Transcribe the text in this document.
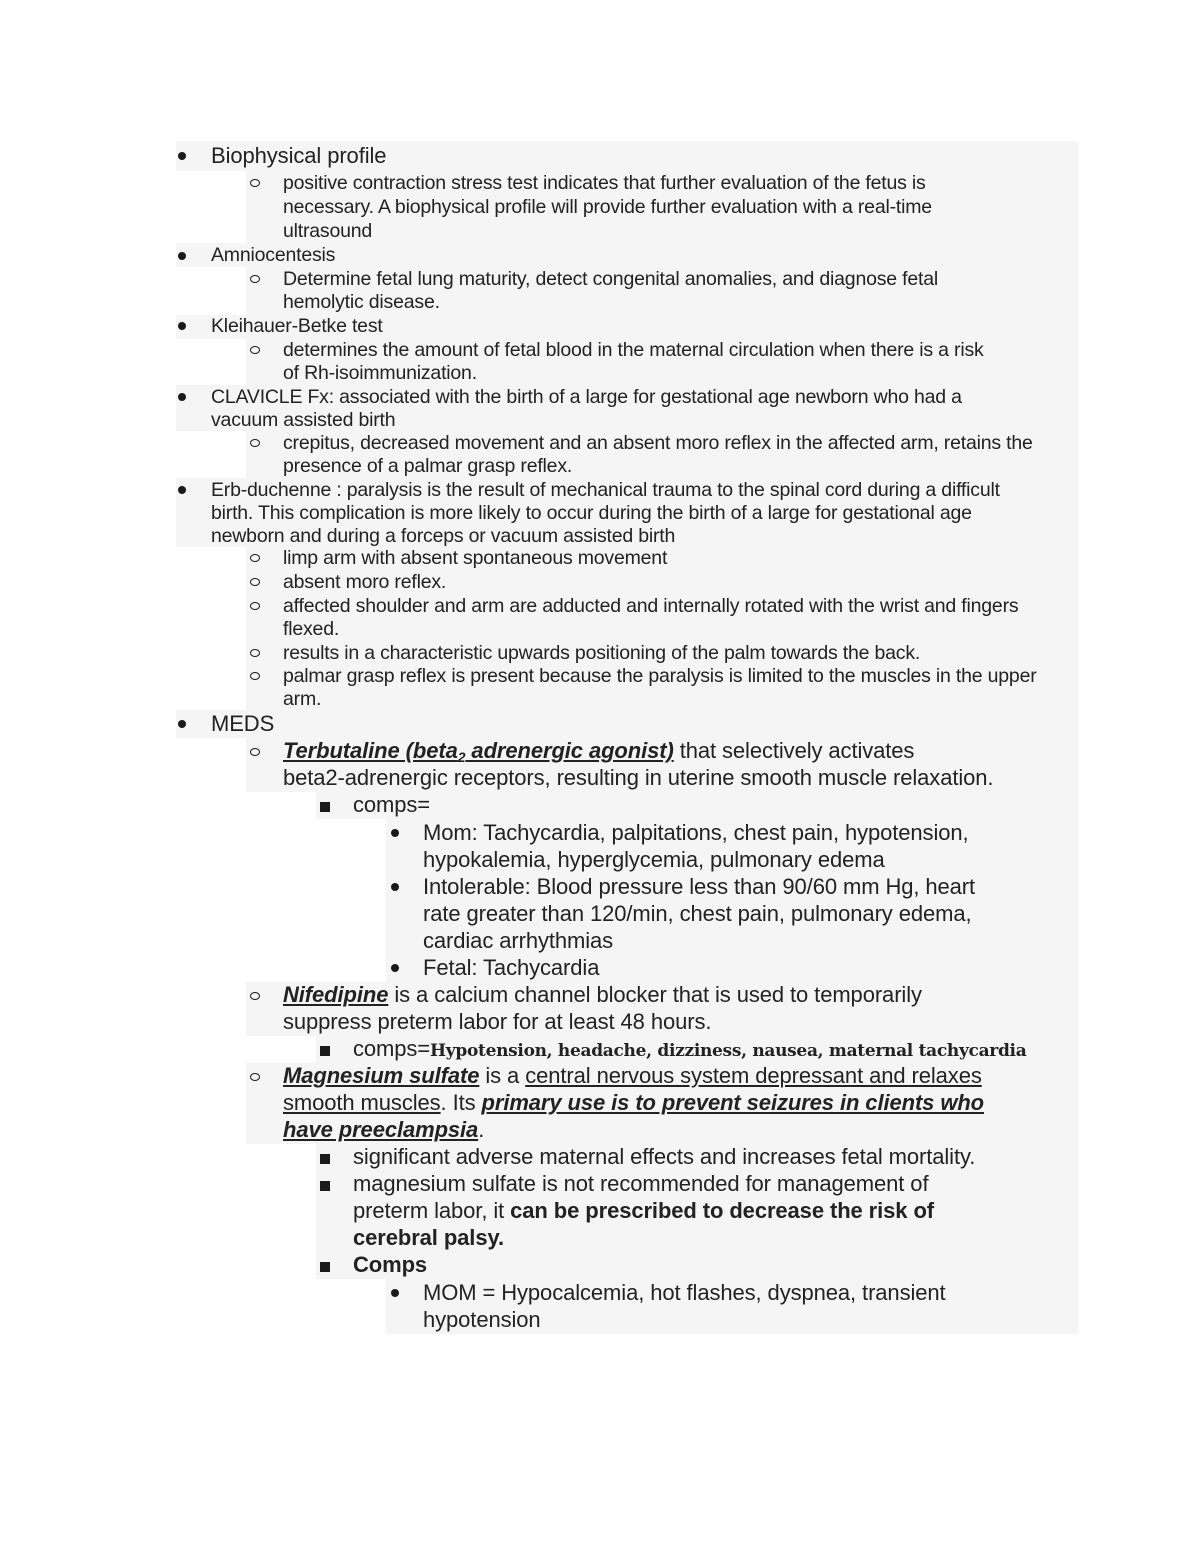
Biophysical profile
positive contraction stress test indicates that further evaluation of the fetus is
necessary. A biophysical profile will provide further evaluation with a real-time
ultrasound
Amniocentesis
Determine fetal lung maturity, detect congenital anomalies, and diagnose fetal
hemolytic disease.
Kleihauer-Betke test
determines the amount of fetal blood in the maternal circulation when there is a risk
of Rh-isoimmunization.
CLAVICLE Fx: associated with the birth of a large for gestational age newborn who had a
vacuum assisted birth
crepitus, decreased movement and an absent moro reflex in the affected arm, retains the
presence of a palmar grasp reflex.
Erb-duchenne : paralysis is the result of mechanical trauma to the spinal cord during a difficult
birth. This complication is more likely to occur during the birth of a large for gestational age
newborn and during a forceps or vacuum assisted birth
limp arm with absent spontaneous movement
absent moro reflex.
affected shoulder and arm are adducted and internally rotated with the wrist and fingers
flexed.
results in a characteristic upwards positioning of the palm towards the back.
palmar grasp reflex is present because the paralysis is limited to the muscles in the upper
arm.
MEDS
Terbutaline (beta$_2$ adrenergic agonist) that selectively activates
beta2-adrenergic receptors, resulting in uterine smooth muscle relaxation.
comps=
Mom: Tachycardia, palpitations, chest pain, hypotension,
hypokalemia, hyperglycemia, pulmonary edema
Intolerable: Blood pressure less than 90/60 mm Hg, heart
rate greater than 120/min, chest pain, pulmonary edema,
cardiac arrhythmias
Fetal: Tachycardia
Nifedipine is a calcium channel blocker that is used to temporarily
suppress preterm labor for at least 48 hours.
comps=Hypotension, headache, dizziness, nausea, maternal tachycardia
Magnesium sulfate is a central nervous system depressant and relaxes
smooth muscles. Its primary use is to prevent seizures in clients who
have preeclampsia.
significant adverse maternal effects and increases fetal mortality.
magnesium sulfate is not recommended for management of
preterm labor, it can be prescribed to decrease the risk of
cerebral palsy.
Comps
MOM = Hypocalcemia, hot flashes, dyspnea, transient
hypotension
